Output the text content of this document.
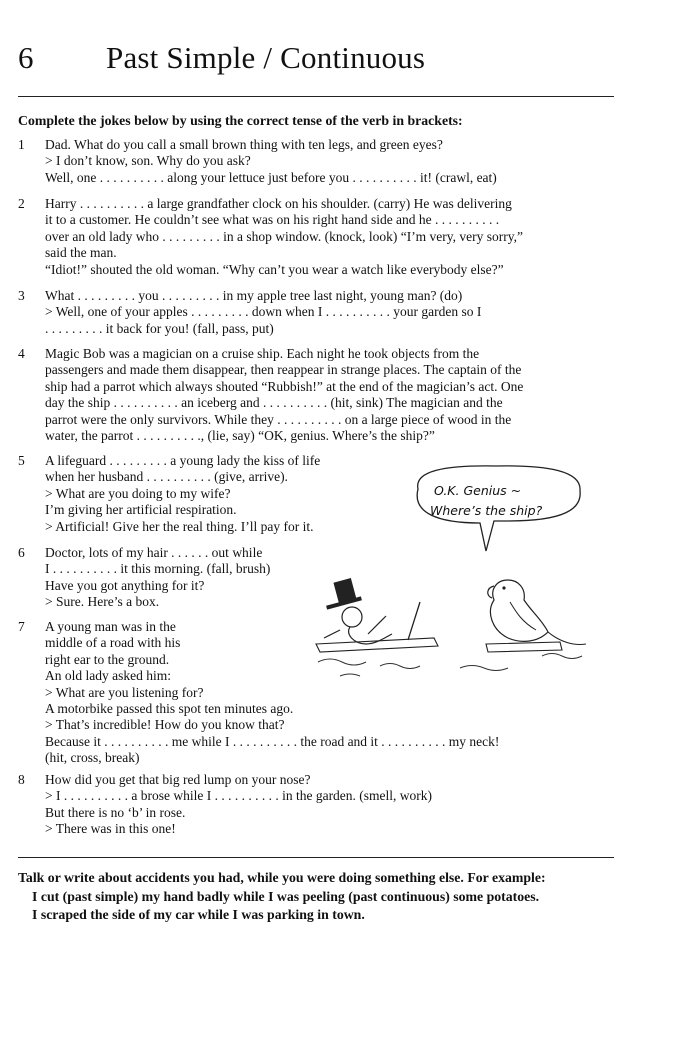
6 Past Simple / Continuous
Complete the jokes below by using the correct tense of the verb in brackets:
1 Dad. What do you call a small brown thing with ten legs, and green eyes?
> I don’t know, son. Why do you ask?
Well, one . . . . . . . . . . along your lettuce just before you . . . . . . . . . . it! (crawl, eat)
2 Harry . . . . . . . . . . a large grandfather clock on his shoulder. (carry) He was delivering
it to a customer. He couldn’t see what was on his right hand side and he . . . . . . . . . .
over an old lady who . . . . . . . . . in a shop window. (knock, look) “I’m very, very sorry,”
said the man.
“Idiot!” shouted the old woman. “Why can’t you wear a watch like everybody else?”
3 What . . . . . . . . . you . . . . . . . . . in my apple tree last night, young man? (do)
> Well, one of your apples . . . . . . . . . down when I . . . . . . . . . . your garden so I
. . . . . . . . . it back for you! (fall, pass, put)
4 Magic Bob was a magician on a cruise ship. Each night he took objects from the
passengers and made them disappear, then reappear in strange places. The captain of the
ship had a parrot which always shouted “Rubbish!” at the end of the magician’s act. One
day the ship . . . . . . . . . . an iceberg and . . . . . . . . . . (hit, sink) The magician and the
parrot were the only survivors. While they . . . . . . . . . . on a large piece of wood in the
water, the parrot . . . . . . . . . ., (lie, say) “OK, genius. Where’s the ship?”
5 A lifeguard . . . . . . . . . a young lady the kiss of life
when her husband . . . . . . . . . . (give, arrive).
> What are you doing to my wife?
I’m giving her artificial respiration.
> Artificial! Give her the real thing. I’ll pay for it.
6 Doctor, lots of my hair . . . . . . out while
I . . . . . . . . . . it this morning. (fall, brush)
Have you got anything for it?
> Sure. Here’s a box.
7 A young man was in the
middle of a road with his
right ear to the ground.
An old lady asked him:
> What are you listening for?
A motorbike passed this spot ten minutes ago.
> That’s incredible! How do you know that?
Because it . . . . . . . . . . me while I . . . . . . . . . . the road and it . . . . . . . . . . my neck!
(hit, cross, break)
8 How did you get that big red lump on your nose?
> I . . . . . . . . . . a brose while I . . . . . . . . . . in the garden. (smell, work)
But there is no ‘b’ in rose.
> There was in this one!
O.K. Genius ~
Where’s the ship?
Talk or write about accidents you had, while you were doing something else. For example:
I cut (past simple) my hand badly while I was peeling (past continuous) some potatoes.
I scraped the side of my car while I was parking in town.
